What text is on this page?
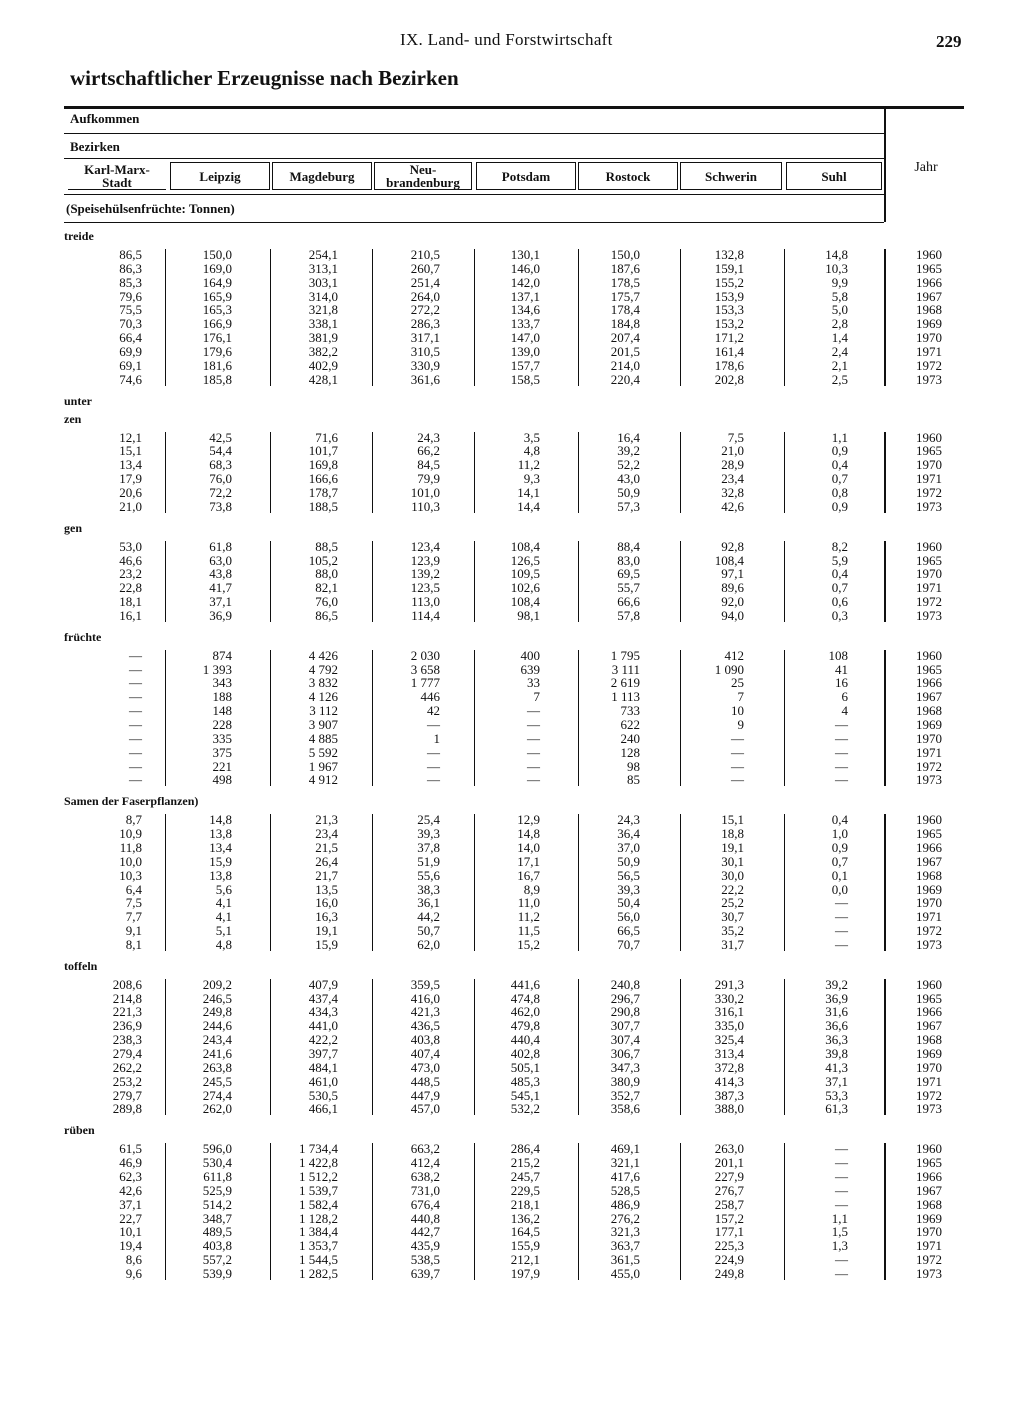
IX. Land- und Forstwirtschaft	229
wirtschaftlicher Erzeugnisse nach Bezirken
Aufkommen
Bezirken
(Speisehülsenfrüchte: Tonnen)
Jahr
Karl-Marx-
Stadt	Leipzig	Magdeburg	Neu-
brandenburg	Potsdam	Rostock	Schwerin	Suhl
treide
86,5	150,0	254,1	210,5	130,1	150,0	132,8	14,8	1960
86,3	169,0	313,1	260,7	146,0	187,6	159,1	10,3	1965
85,3	164,9	303,1	251,4	142,0	178,5	155,2	9,9	1966
79,6	165,9	314,0	264,0	137,1	175,7	153,9	5,8	1967
75,5	165,3	321,8	272,2	134,6	178,4	153,3	5,0	1968
70,3	166,9	338,1	286,3	133,7	184,8	153,2	2,8	1969
66,4	176,1	381,9	317,1	147,0	207,4	171,2	1,4	1970
69,9	179,6	382,2	310,5	139,0	201,5	161,4	2,4	1971
69,1	181,6	402,9	330,9	157,7	214,0	178,6	2,1	1972
74,6	185,8	428,1	361,6	158,5	220,4	202,8	2,5	1973
unter
zen
12,1	42,5	71,6	24,3	3,5	16,4	7,5	1,1	1960
15,1	54,4	101,7	66,2	4,8	39,2	21,0	0,9	1965
13,4	68,3	169,8	84,5	11,2	52,2	28,9	0,4	1970
17,9	76,0	166,6	79,9	9,3	43,0	23,4	0,7	1971
20,6	72,2	178,7	101,0	14,1	50,9	32,8	0,8	1972
21,0	73,8	188,5	110,3	14,4	57,3	42,6	0,9	1973
gen
53,0	61,8	88,5	123,4	108,4	88,4	92,8	8,2	1960
46,6	63,0	105,2	123,9	126,5	83,0	108,4	5,9	1965
23,2	43,8	88,0	139,2	109,5	69,5	97,1	0,4	1970
22,8	41,7	82,1	123,5	102,6	55,7	89,6	0,7	1971
18,1	37,1	76,0	113,0	108,4	66,6	92,0	0,6	1972
16,1	36,9	86,5	114,4	98,1	57,8	94,0	0,3	1973
früchte
—	874	4 426	2 030	400	1 795	412	108	1960
—	1 393	4 792	3 658	639	3 111	1 090	41	1965
—	343	3 832	1 777	33	2 619	25	16	1966
—	188	4 126	446	7	1 113	7	6	1967
—	148	3 112	42	—	733	10	4	1968
—	228	3 907	—	—	622	9	—	1969
—	335	4 885	1	—	240	—	—	1970
—	375	5 592	—	—	128	—	—	1971
—	221	1 967	—	—	98	—	—	1972
—	498	4 912	—	—	85	—	—	1973
Samen der Faserpflanzen)
8,7	14,8	21,3	25,4	12,9	24,3	15,1	0,4	1960
10,9	13,8	23,4	39,3	14,8	36,4	18,8	1,0	1965
11,8	13,4	21,5	37,8	14,0	37,0	19,1	0,9	1966
10,0	15,9	26,4	51,9	17,1	50,9	30,1	0,7	1967
10,3	13,8	21,7	55,6	16,7	56,5	30,0	0,1	1968
6,4	5,6	13,5	38,3	8,9	39,3	22,2	0,0	1969
7,5	4,1	16,0	36,1	11,0	50,4	25,2	—	1970
7,7	4,1	16,3	44,2	11,2	56,0	30,7	—	1971
9,1	5,1	19,1	50,7	11,5	66,5	35,2	—	1972
8,1	4,8	15,9	62,0	15,2	70,7	31,7	—	1973
toffeln
208,6	209,2	407,9	359,5	441,6	240,8	291,3	39,2	1960
214,8	246,5	437,4	416,0	474,8	296,7	330,2	36,9	1965
221,3	249,8	434,3	421,3	462,0	290,8	316,1	31,6	1966
236,9	244,6	441,0	436,5	479,8	307,7	335,0	36,6	1967
238,3	243,4	422,2	403,8	440,4	307,4	325,4	36,3	1968
279,4	241,6	397,7	407,4	402,8	306,7	313,4	39,8	1969
262,2	263,8	484,1	473,0	505,1	347,3	372,8	41,3	1970
253,2	245,5	461,0	448,5	485,3	380,9	414,3	37,1	1971
279,7	274,4	530,5	447,9	545,1	352,7	387,3	53,3	1972
289,8	262,0	466,1	457,0	532,2	358,6	388,0	61,3	1973
rüben
61,5	596,0	1 734,4	663,2	286,4	469,1	263,0	—	1960
46,9	530,4	1 422,8	412,4	215,2	321,1	201,1	—	1965
62,3	611,8	1 512,2	638,2	245,7	417,6	227,9	—	1966
42,6	525,9	1 539,7	731,0	229,5	528,5	276,7	—	1967
37,1	514,2	1 582,4	676,4	218,1	486,9	258,7	—	1968
22,7	348,7	1 128,2	440,8	136,2	276,2	157,2	1,1	1969
10,1	489,5	1 384,4	442,7	164,5	321,3	177,1	1,5	1970
19,4	403,8	1 353,7	435,9	155,9	363,7	225,3	1,3	1971
8,6	557,2	1 544,5	538,5	212,1	361,5	224,9	—	1972
9,6	539,9	1 282,5	639,7	197,9	455,0	249,8	—	1973
